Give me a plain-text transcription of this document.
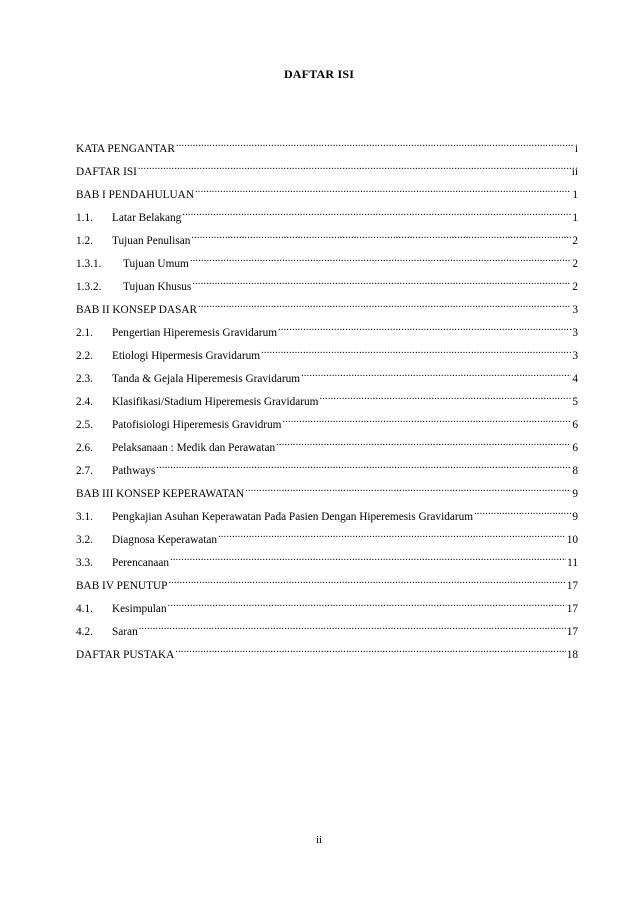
DAFTAR ISI
KATA PENGANTAR .....	i
DAFTAR ISI .....	ii
BAB I PENDAHULUAN .....	1
1.1.	Latar Belakang .....	1
1.2.	Tujuan Penulisan .....	2
1.3.1.	Tujuan Umum .....	2
1.3.2.	Tujuan Khusus .....	2
BAB II KONSEP DASAR .....	3
2.1.	Pengertian Hiperemesis Gravidarum .....	3
2.2.	Etiologi Hipermesis Gravidarum .....	3
2.3.	Tanda & Gejala Hiperemesis Gravidarum .....	4
2.4.	Klasifikasi/Stadium Hiperemesis Gravidarum .....	5
2.5.	Patofisiologi Hiperemesis Gravidrum .....	6
2.6.	Pelaksanaan : Medik dan Perawatan .....	6
2.7.	Pathways .....	8
BAB III KONSEP KEPERAWATAN .....	9
3.1.	Pengkajian Asuhan Keperawatan Pada Pasien Dengan Hiperemesis Gravidarum .....	9
3.2.	Diagnosa Keperawatan .....	10
3.3.	Perencanaan .....	11
BAB IV PENUTUP .....	17
4.1.	Kesimpulan .....	17
4.2.	Saran .....	17
DAFTAR PUSTAKA .....	18
ii
